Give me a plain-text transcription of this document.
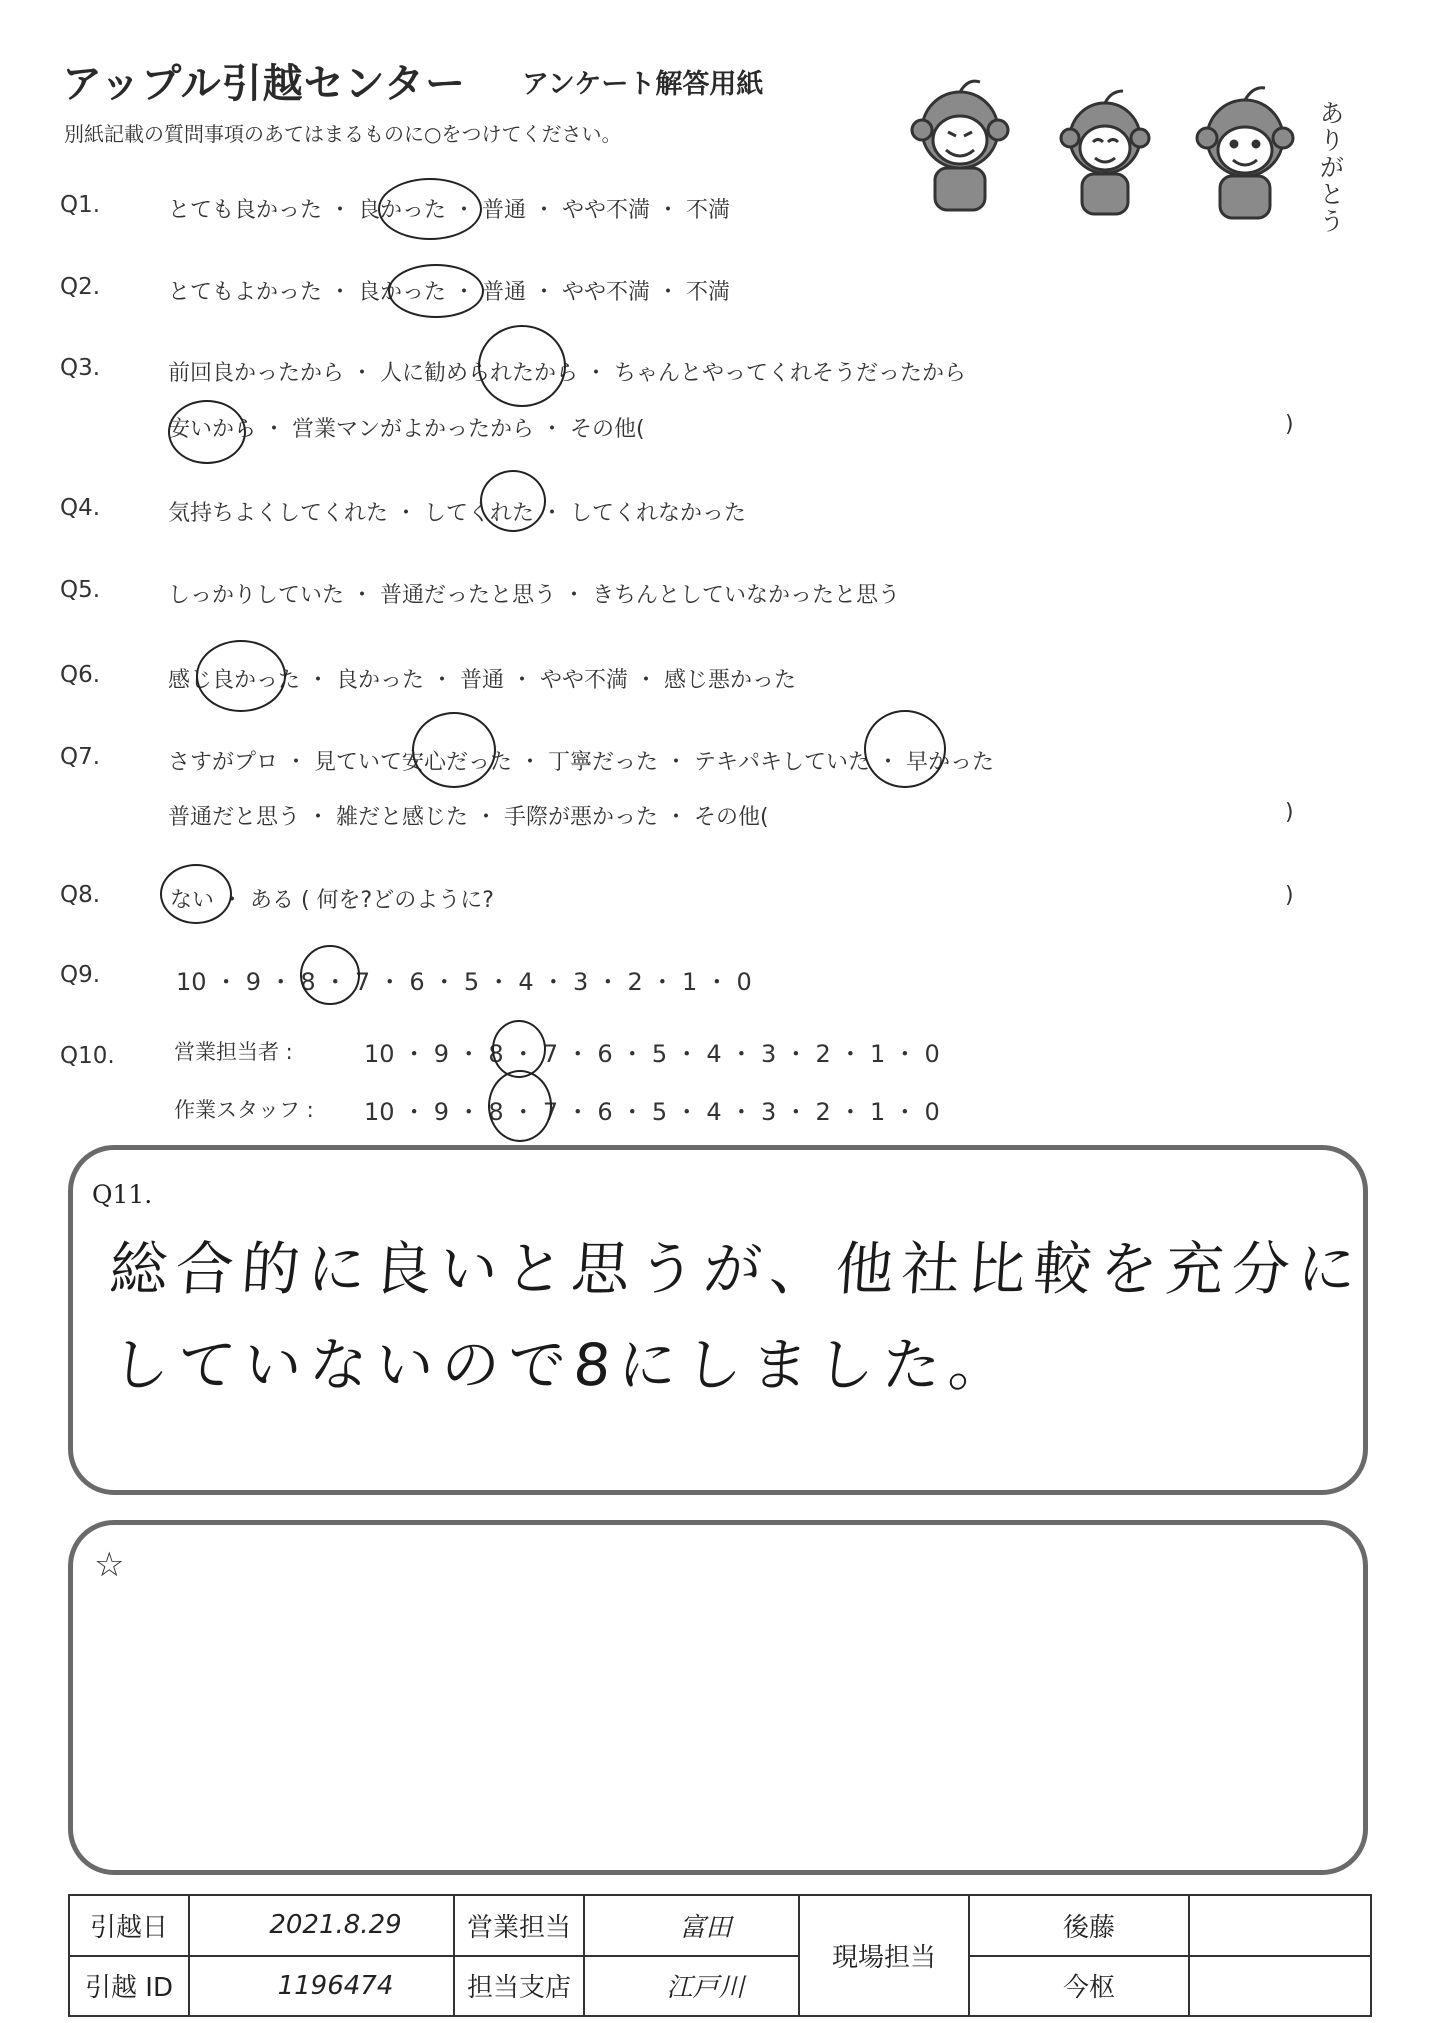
アップル引越センター アンケート解答用紙
別紙記載の質問事項のあてはまるものに○をつけてください。	ありがとう
Q1.	とても良かった ・ 良かった ・ 普通 ・ やや不満 ・ 不満
Q2.	とてもよかった ・ 良かった ・ 普通 ・ やや不満 ・ 不満
Q3.	前回良かったから ・ 人に勧められたから ・ ちゃんとやってくれそうだったから
安いから ・ 営業マンがよかったから ・ その他(	)
Q4.	気持ちよくしてくれた ・ してくれた ・ してくれなかった
Q5.	しっかりしていた ・ 普通だったと思う ・ きちんとしていなかったと思う
Q6.	感じ良かった ・ 良かった ・ 普通 ・ やや不満 ・ 感じ悪かった
Q7.	さすがプロ ・ 見ていて安心だった ・ 丁寧だった ・ テキパキしていた ・ 早かった
普通だと思う ・ 雑だと感じた ・ 手際が悪かった ・ その他(	)
Q8.	ない ・ ある ( 何を?どのように?	)
Q9.	10 ・ 9 ・ 8 ・ 7 ・ 6 ・ 5 ・ 4 ・ 3 ・ 2 ・ 1 ・ 0
Q10.	営業担当者 :	10 ・ 9 ・ 8 ・ 7 ・ 6 ・ 5 ・ 4 ・ 3 ・ 2 ・ 1 ・ 0
作業スタッフ : 10 ・ 9 ・ 8 ・ 7 ・ 6 ・ 5 ・ 4 ・ 3 ・ 2 ・ 1 ・ 0
Q11.
総合的に良いと思うが、他社比較を充分に
していないので8にしました。
☆
引越日	2021.8.29	営業担当	富田	現場担当	後藤	
引越 ID	1196474	担当支店	江戸川		今枢	
